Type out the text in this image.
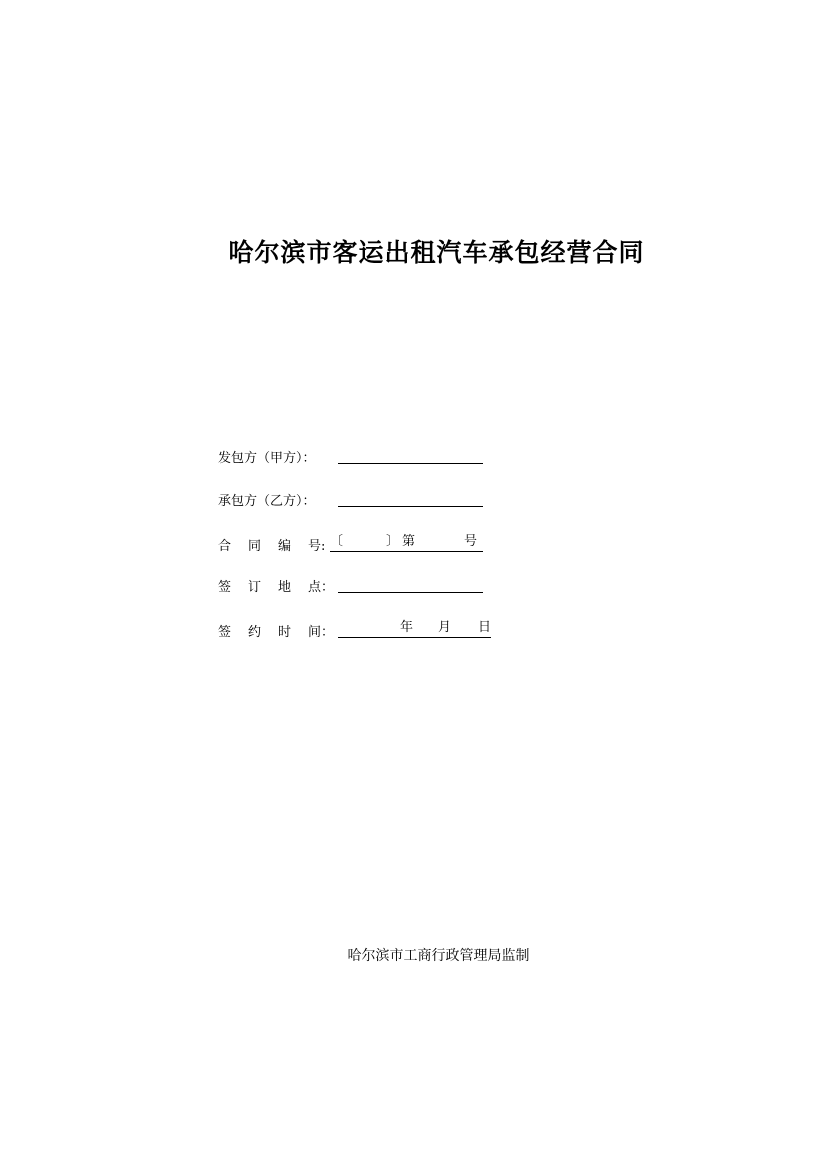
哈尔滨市客运出租汽车承包经营合同
发包方（甲方）：
承包方（乙方）：
合 同 编 号: 〔	〕 第	号
签 订 地 点：
签 约 时 间：	年 月 日
哈尔滨市工商行政管理局监制
